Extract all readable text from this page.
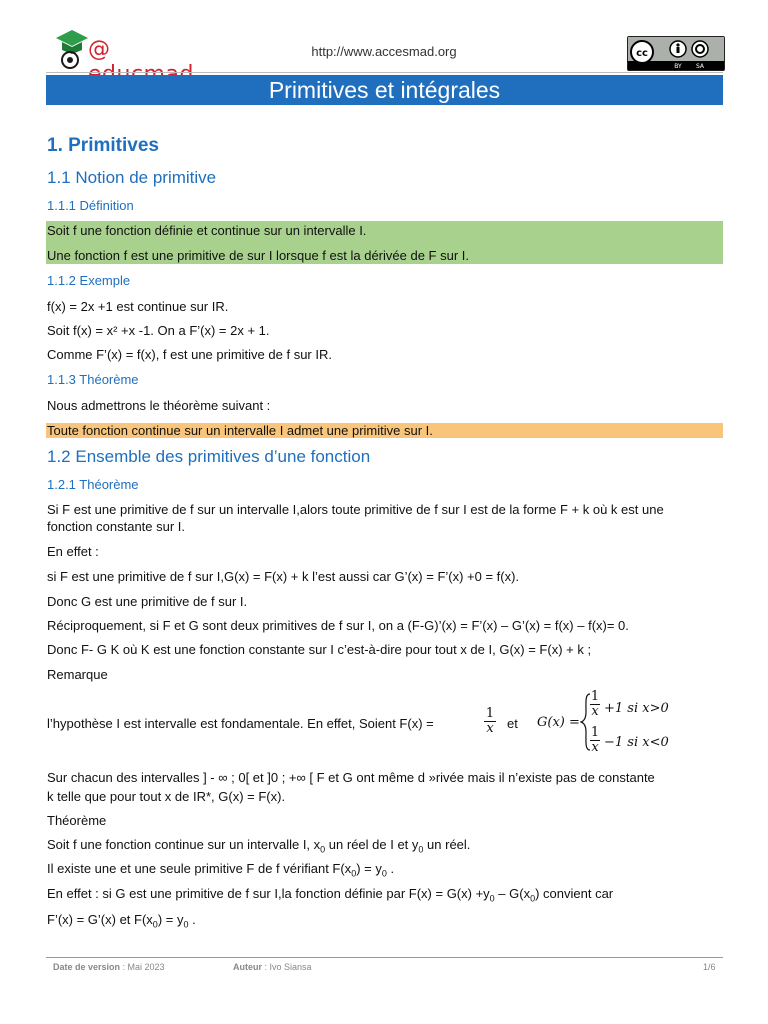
@	http://www.accesmad.org	cc
BY SA
Primitives et intégrales
1. Primitives
1.1 Notion de primitive
1.1.1 Définition
Soit f une fonction définie et continue sur un intervalle I.
Une fonction f est une primitive de sur I lorsque f est la dérivée de F sur I.
1.1.2 Exemple
f(x) = 2x +1 est continue sur IR.
Soit f(x) = x² +x -1. On a F’(x) = 2x + 1.
Comme F’(x) = f(x), f est une primitive de f sur IR.
1.1.3 Théorème
Nous admettrons le théorème suivant :
Toute fonction continue sur un intervalle I admet une primitive sur I.
1.2 Ensemble des primitives d’une fonction
1.2.1 Théorème
Si F est une primitive de f sur un intervalle I,alors toute primitive de f sur I est de la forme F + k où k est une
fonction constante sur I.
En effet :
si F est une primitive de f sur I,G(x) = F(x) + k l’est aussi car G’(x) = F’(x) +0 = f(x).
Donc G est une primitive de f sur I.
Réciproquement, si F et G sont deux primitives de f sur I, on a (F-G)’(x) = F’(x) – G’(x) = f(x) – f(x)= 0.
Donc F- G K où K est une fonction constante sur I c’est-à-dire pour tout x de I, G(x) = F(x) + k ;
Remarque
l’hypothèse I est intervalle est fondamentale. En effet, Soient F(x) =
1
x et G(x) =
1
x +1 si x>0
1
x −1 si x<0
Sur chacun des intervalles ] - ∞ ; 0[ et ]0 ; +∞ [ F et G ont même d »rivée mais il n’existe pas de constante
k telle que pour tout x de IR*, G(x) = F(x).
Théorème
Soit f une fonction continue sur un intervalle I, $x_0$ un réel de I et $y_0$ un réel.
Il existe une et une seule primitive F de f vérifiant $F(x_0) = y_0$ .
En effet : si G est une primitive de f sur I,la fonction définie par $F(x) = G(x) +y_0 - G(x_0)$ convient car
F’(x) = G’(x) et $F(x_0) = y_0$ .
Date de version : Mai 2023	Auteur : Ivo Siansa	1/6
